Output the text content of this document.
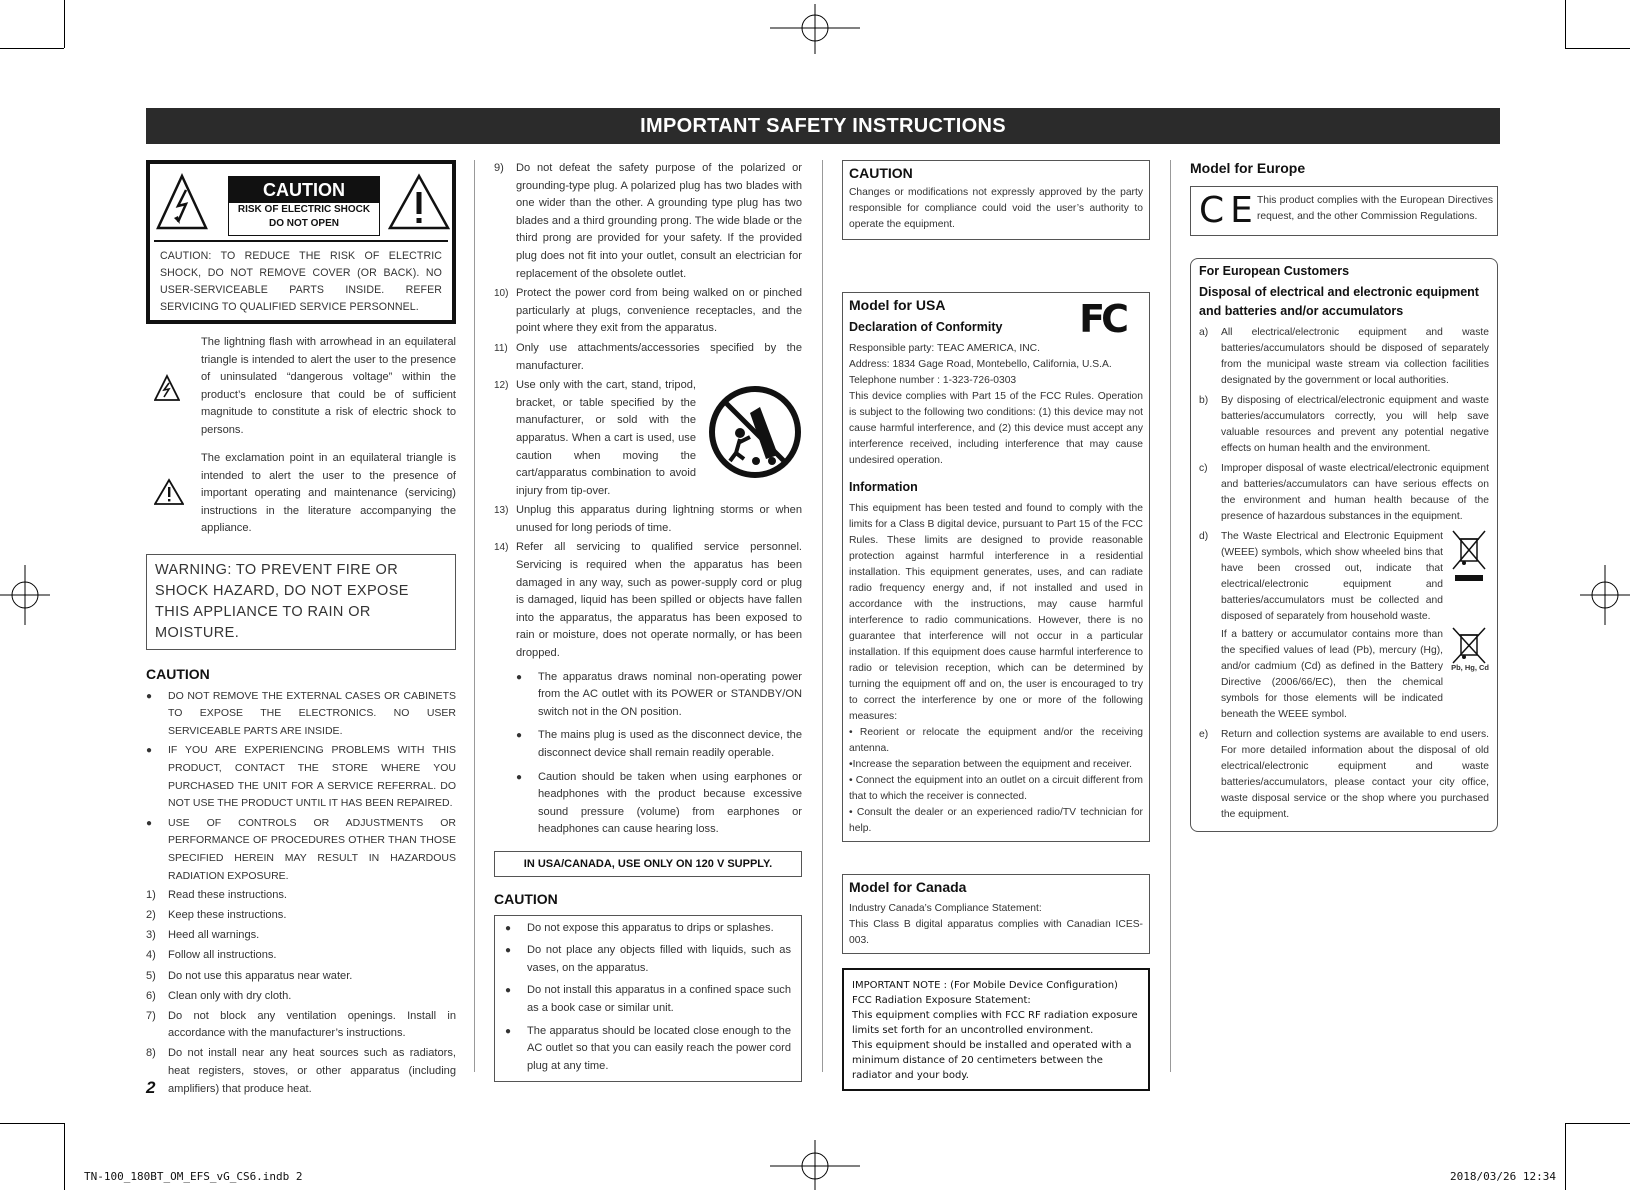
IMPORTANT SAFETY INSTRUCTIONS
CAUTION
RISK OF ELECTRIC SHOCK
DO NOT OPEN

CAUTION: TO REDUCE THE RISK OF ELECTRIC SHOCK, DO NOT REMOVE COVER (OR BACK). NO USER-SERVICEABLE PARTS INSIDE. REFER SERVICING TO QUALIFIED SERVICE PERSONNEL.

The lightning flash with arrowhead in an equilateral triangle is intended to alert the user to the presence of uninsulated “dangerous voltage” within the product’s enclosure that could be of sufficient magnitude to constitute a risk of electric shock to persons.

The exclamation point in an equilateral triangle is intended to alert the user to the presence of important operating and maintenance (servicing) instructions in the literature accompanying the appliance.

WARNING: TO PREVENT FIRE OR SHOCK HAZARD, DO NOT EXPOSE THIS APPLIANCE TO RAIN OR MOISTURE.
CAUTION
●	DO NOT REMOVE THE EXTERNAL CASES OR CABINETS TO EXPOSE THE ELECTRONICS. NO USER SERVICEABLE PARTS ARE INSIDE.
●	IF YOU ARE EXPERIENCING PROBLEMS WITH THIS PRODUCT, CONTACT THE STORE WHERE YOU PURCHASED THE UNIT FOR A SERVICE REFERRAL. DO NOT USE THE PRODUCT UNTIL IT HAS BEEN REPAIRED.
●	USE OF CONTROLS OR ADJUSTMENTS OR PERFORMANCE OF PROCEDURES OTHER THAN THOSE SPECIFIED HEREIN MAY RESULT IN HAZARDOUS RADIATION EXPOSURE.
1)	Read these instructions.
2)	Keep these instructions.
3)	Heed all warnings.
4)	Follow all instructions.
5)	Do not use this apparatus near water.
6)	Clean only with dry cloth.
7)	Do not block any ventilation openings. Install in accordance with the manufacturer’s instructions.
8)	Do not install near any heat sources such as radiators, heat registers, stoves, or other apparatus (including amplifiers) that produce heat.
2
9)	Do not defeat the safety purpose of the polarized or grounding-type plug. A polarized plug has two blades with one wider than the other. A grounding type plug has two blades and a third grounding prong. The wide blade or the third prong are provided for your safety. If the provided plug does not fit into your outlet, consult an electrician for replacement of the obsolete outlet.
10) Protect the power cord from being walked on or pinched particularly at plugs, convenience receptacles, and the point where they exit from the apparatus.
11) Only use attachments/accessories specified by the manufacturer.
12) Use only with the cart, stand, tripod, bracket, or table specified by the manufacturer, or sold with the apparatus. When a cart is used, use caution when moving the cart/apparatus combination to avoid injury from tip-over.
13) Unplug this apparatus during lightning storms or when unused for long periods of time.
14) Refer all servicing to qualified service personnel. Servicing is required when the apparatus has been damaged in any way, such as power-supply cord or plug is damaged, liquid has been spilled or objects have fallen into the apparatus, the apparatus has been exposed to rain or moisture, does not operate normally, or has been dropped.
●	The apparatus draws nominal non-operating power from the AC outlet with its POWER or STANDBY/ON switch not in the ON position.
●	The mains plug is used as the disconnect device, the disconnect device shall remain readily operable.
●	Caution should be taken when using earphones or headphones with the product because excessive sound pressure (volume) from earphones or headphones can cause hearing loss.
IN USA/CANADA, USE ONLY ON 120 V SUPPLY.
CAUTION
●	Do not expose this apparatus to drips or splashes.
●	Do not place any objects filled with liquids, such as vases, on the apparatus.
●	Do not install this apparatus in a confined space such as a book case or similar unit.
●	The apparatus should be located close enough to the AC outlet so that you can easily reach the power cord plug at any time.
CAUTION

Changes or modifications not expressly approved by the party responsible for compliance could void the user’s authority to operate the equipment.

Model for USA
Declaration of Conformity	FC

Responsible party: TEAC AMERICA, INC.

Address: 1834 Gage Road, Montebello, California, U.S.A.

Telephone number : 1-323-726-0303

This device complies with Part 15 of the FCC Rules. Operation is subject to the following two conditions: (1) this device may not cause harmful interference, and (2) this device must accept any interference received, including interference that may cause undesired operation.

Information

This equipment has been tested and found to comply with the limits for a Class B digital device, pursuant to Part 15 of the FCC Rules. These limits are designed to provide reasonable protection against harmful interference in a residential installation. This equipment generates, uses, and can radiate radio frequency energy and, if not installed and used in accordance with the instructions, may cause harmful interference to radio communications. However, there is no guarantee that interference will not occur in a particular installation. If this equipment does cause harmful interference to radio or television reception, which can be determined by turning the equipment off and on, the user is encouraged to try to correct the interference by one or more of the following measures:

• Reorient or relocate the equipment and/or the receiving antenna.

•Increase the separation between the equipment and receiver.

• Connect the equipment into an outlet on a circuit different from that to which the receiver is connected.

• Consult the dealer or an experienced radio/TV technician for help.

Model for Canada

Industry Canada’s Compliance Statement:

This Class B digital apparatus complies with Canadian ICES-003.

IMPORTANT NOTE : (For Mobile Device Configuration)

FCC Radiation Exposure Statement:

This equipment complies with FCC RF radiation exposure limits set forth for an uncontrolled environment.

This equipment should be installed and operated with a minimum distance of 20 centimeters between the radiator and your body.

Model for Europe
CE

This product complies with the European Directives request, and the other Commission Regulations.

For European Customers
Disposal of electrical and electronic equipment and batteries and/or accumulators
a)	All electrical/electronic equipment and waste batteries/accumulators should be disposed of separately from the municipal waste stream via collection facilities designated by the government or local authorities.
b)	By disposing of electrical/electronic equipment and waste batteries/accumulators correctly, you will help save valuable resources and prevent any potential negative effects on human health and the environment.
c)	Improper disposal of waste electrical/electronic equipment and batteries/accumulators can have serious effects on the environment and human health because of the presence of hazardous substances in the equipment.
d)	The Waste Electrical and Electronic Equipment (WEEE) symbols, which show wheeled bins that have been crossed out, indicate that electrical/electronic equipment and batteries/accumulators must be collected and disposed of separately from household waste.
If a battery or accumulator contains more than the specified values of lead (Pb), mercury (Hg), and/or cadmium (Cd) as defined in the Battery Directive (2006/66/EC), then the chemical symbols for those elements will be indicated beneath the WEEE symbol.
Pb, Hg, Cd
e)	Return and collection systems are available to end users. For more detailed information about the disposal of old electrical/electronic equipment and waste batteries/accumulators, please contact your city office, waste disposal service or the shop where you purchased the equipment.
TN-100_180BT_OM_EFS_vG_CS6.indb 2	2018/03/26 12:34
